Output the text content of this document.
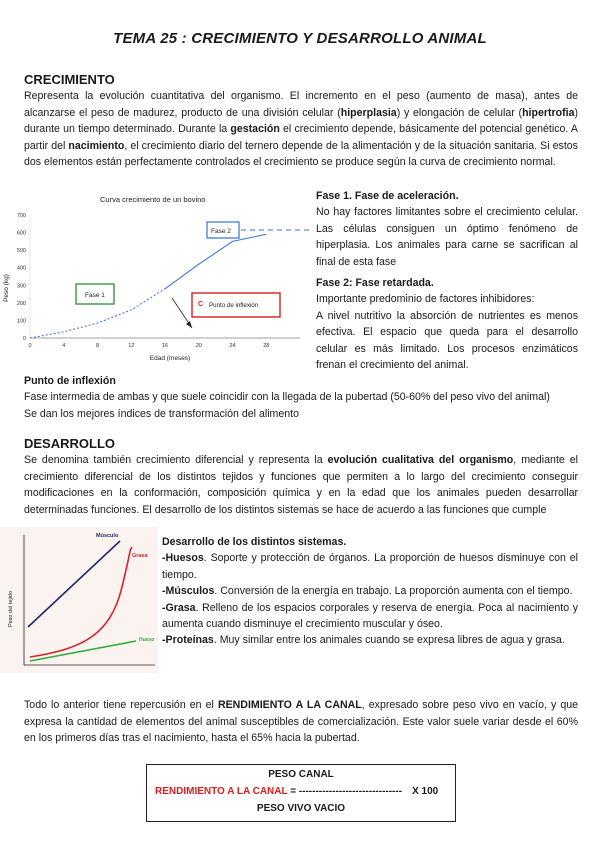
TEMA 25 : CRECIMIENTO Y DESARROLLO ANIMAL
CRECIMIENTO
Representa la evolución cuantitativa del organismo. El incremento en el peso (aumento de masa), antes de alcanzarse el peso de madurez, producto de una división celular (hiperplasia) y elongación de celular (hipertrofia) durante un tiempo determinado. Durante la gestación el crecimiento depende, básicamente del potencial genético. A partir del nacimiento, el crecimiento diario del ternero depende de la alimentación y de la situación sanitaria. Si estos dos elementos están perfectamente controlados el crecimiento se produce según la curva de crecimiento normal.
Curva crecimiento de un bovino
Peso (kg)
Edad (meses)
0
100
200
300
400
500
600
700
0	4	8	12	16	20	24	28
Fase 1
Fase 2
C Punto de inflexión
Fase 1. Fase de aceleración.
No hay factores limitantes sobre el crecimiento celular. Las células consiguen un óptimo fenómeno de hiperplasia. Los animales para carne se sacrifican al final de esta fase
Fase 2: Fase retardada.
Importante predominio de factores inhibidores:
A nivel nutritivo la absorción de nutrientes es menos efectiva. El espacio que queda para el desarrollo celular es más limitado. Los procesos enzimáticos frenan el crecimiento del animal.
Punto de inflexión
Fase intermedia de ambas y que suele coincidir con la llegada de la pubertad (50-60% del peso vivo del animal)
Se dan los mejores índices de transformación del alimento
DESARROLLO
Se denomina también crecimiento diferencial y representa la evolución cualitativa del organismo, mediante el crecimiento diferencial de los distintos tejidos y funciones que permiten a lo largo del crecimiento conseguir modificaciones en la conformación, composición química y en la edad que los animales pueden desarrollar determinadas funciones. El desarrollo de los distintos sistemas se hace de acuerdo a las funciones que cumple
Peso del tejido
Músculo
Grasa
Hueso
Desarrollo de los distintos sistemas.
-Huesos. Soporte y protección de órganos. La proporción de huesos disminuye con el tiempo.
-Músculos. Conversión de la energía en trabajo. La proporción aumenta con el tiempo.
-Grasa. Relleno de los espacios corporales y reserva de energía. Poca al nacimiento y aumenta cuando disminuye el crecimiento muscular y óseo.
-Proteínas. Muy similar entre los animales cuando se expresa libres de agua y grasa.
Todo lo anterior tiene repercusión en el RENDIMIENTO A LA CANAL, expresado sobre peso vivo en vacío, y que expresa la cantidad de elementos del animal susceptibles de comercialización. Este valor suele variar desde el 60% en los primeros días tras el nacimiento, hasta el 65% hacia la pubertad.
PESO CANAL
RENDIMIENTO A LA CANAL = ------------------------------- X 100
PESO VIVO VACIO
